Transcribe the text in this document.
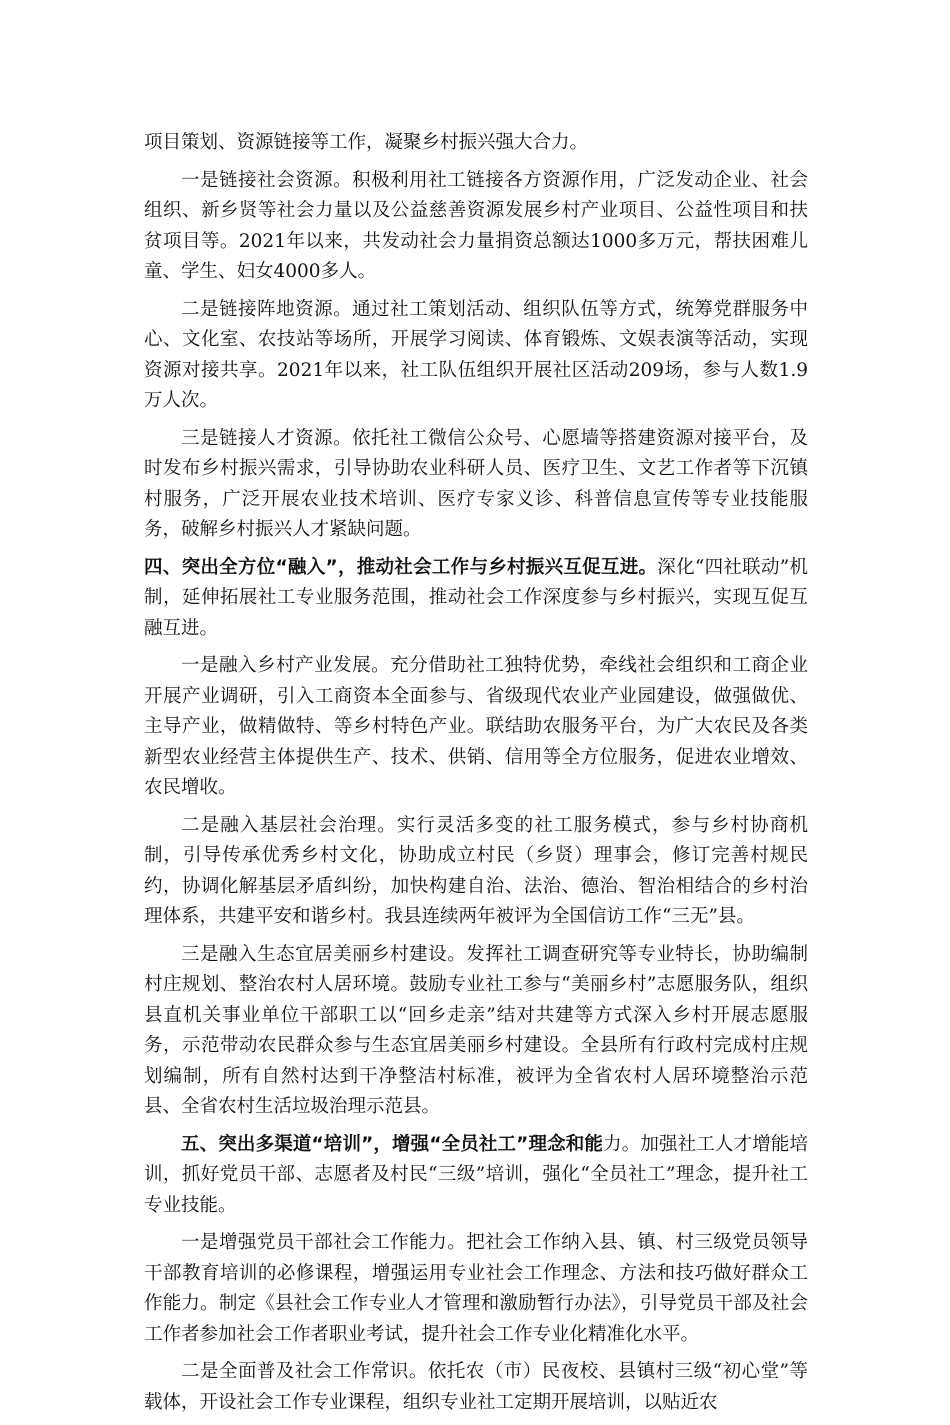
项目策划、资源链接等工作，凝聚乡村振兴强大合力。

一是链接社会资源。积极利用社工链接各方资源作用，广泛发动企业、社会组织、新乡贤等社会力量以及公益慈善资源发展乡村产业项目、公益性项目和扶贫项目等。2021年以来，共发动社会力量捐资总额达1000多万元，帮扶困难儿童、学生、妇女4000多人。

二是链接阵地资源。通过社工策划活动、组织队伍等方式，统筹党群服务中心、文化室、农技站等场所，开展学习阅读、体育锻炼、文娱表演等活动，实现资源对接共享。2021年以来，社工队伍组织开展社区活动209场，参与人数1.9万人次。

三是链接人才资源。依托社工微信公众号、心愿墙等搭建资源对接平台，及时发布乡村振兴需求，引导协助农业科研人员、医疗卫生、文艺工作者等下沉镇村服务，广泛开展农业技术培训、医疗专家义诊、科普信息宣传等专业技能服务，破解乡村振兴人才紧缺问题。

四、突出全方位“融入”，推动社会工作与乡村振兴互促互进。深化“四社联动”机制，延伸拓展社工专业服务范围，推动社会工作深度参与乡村振兴，实现互促互融互进。

一是融入乡村产业发展。充分借助社工独特优势，牵线社会组织和工商企业开展产业调研，引入工商资本全面参与、省级现代农业产业园建设，做强做优、主导产业，做精做特、等乡村特色产业。联结助农服务平台，为广大农民及各类新型农业经营主体提供生产、技术、供销、信用等全方位服务，促进农业增效、农民增收。

二是融入基层社会治理。实行灵活多变的社工服务模式，参与乡村协商机制，引导传承优秀乡村文化，协助成立村民（乡贤）理事会，修订完善村规民约，协调化解基层矛盾纠纷，加快构建自治、法治、德治、智治相结合的乡村治理体系，共建平安和谐乡村。我县连续两年被评为全国信访工作“三无”县。

三是融入生态宜居美丽乡村建设。发挥社工调查研究等专业特长，协助编制村庄规划、整治农村人居环境。鼓励专业社工参与“美丽乡村”志愿服务队，组织县直机关事业单位干部职工以“回乡走亲”结对共建等方式深入乡村开展志愿服务，示范带动农民群众参与生态宜居美丽乡村建设。全县所有行政村完成村庄规划编制，所有自然村达到干净整洁村标准，被评为全省农村人居环境整治示范县、全省农村生活垃圾治理示范县。

五、突出多渠道“培训”，增强“全员社工”理念和能力。加强社工人才增能培训，抓好党员干部、志愿者及村民“三级”培训，强化“全员社工”理念，提升社工专业技能。

一是增强党员干部社会工作能力。把社会工作纳入县、镇、村三级党员领导干部教育培训的必修课程，增强运用专业社会工作理念、方法和技巧做好群众工作能力。制定《县社会工作专业人才管理和激励暂行办法》，引导党员干部及社会工作者参加社会工作者职业考试，提升社会工作专业化精准化水平。

二是全面普及社会工作常识。依托农（市）民夜校、县镇村三级“初心堂”等载体，开设社会工作专业课程，组织专业社工定期开展培训，以贴近农
